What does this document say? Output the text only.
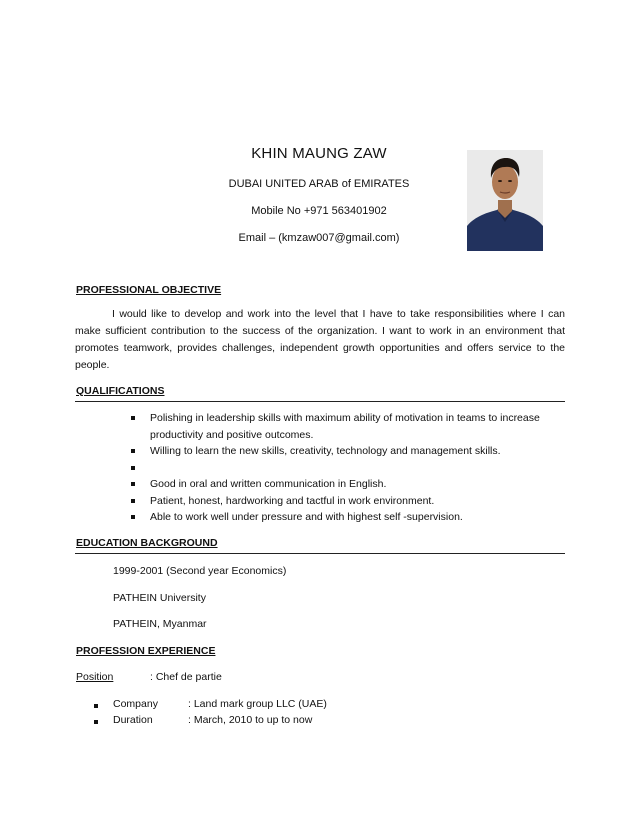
KHIN MAUNG ZAW
DUBAI UNITED ARAB of EMIRATES
Mobile No +971 563401902
Email – (kmzaw007@gmail.com)
PROFESSIONAL OBJECTIVE

I would like to develop and work into the level that I have to take responsibilities where I can make sufficient contribution to the success of the organization. I want to work in an environment that promotes teamwork, provides challenges, independent growth opportunities and offers service to the people.

QUALIFICATIONS
Polishing in leadership skills with maximum ability of motivation in teams to increase productivity and positive outcomes.
Willing to learn the new skills, creativity, technology and management skills.
Good in oral and written communication in English.
Patient, honest, hardworking and tactful in work environment.
Able to work well under pressure and with highest self -supervision.
EDUCATION BACKGROUND
1999-2001 (Second year Economics)
PATHEIN University
PATHEIN, Myanmar
PROFESSION EXPERIENCE
Position	: Chef de partie
Company	: Land mark group LLC (UAE)
Duration	: March, 2010 to up to now
